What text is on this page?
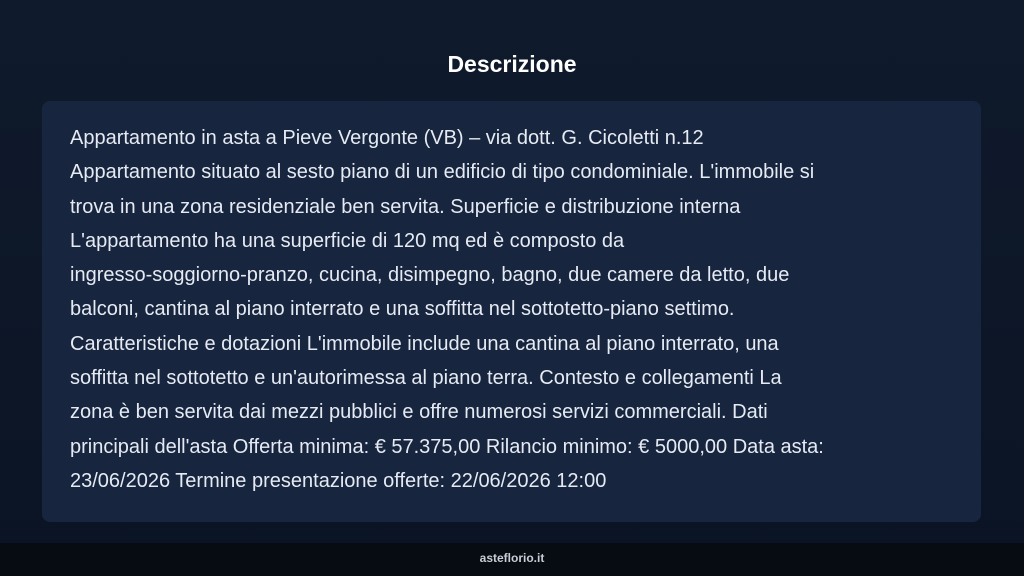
Descrizione

Appartamento in asta a Pieve Vergonte (VB) – via dott. G. Cicoletti n.12
Appartamento situato al sesto piano di un edificio di tipo condominiale. L'immobile si
trova in una zona residenziale ben servita. Superficie e distribuzione interna
L'appartamento ha una superficie di 120 mq ed è composto da
ingresso-soggiorno-pranzo, cucina, disimpegno, bagno, due camere da letto, due
balconi, cantina al piano interrato e una soffitta nel sottotetto-piano settimo.
Caratteristiche e dotazioni L'immobile include una cantina al piano interrato, una
soffitta nel sottotetto e un'autorimessa al piano terra. Contesto e collegamenti La
zona è ben servita dai mezzi pubblici e offre numerosi servizi commerciali. Dati
principali dell'asta Offerta minima: € 57.375,00 Rilancio minimo: € 5000,00 Data asta:
23/06/2026 Termine presentazione offerte: 22/06/2026 12:00

asteflorio.it
